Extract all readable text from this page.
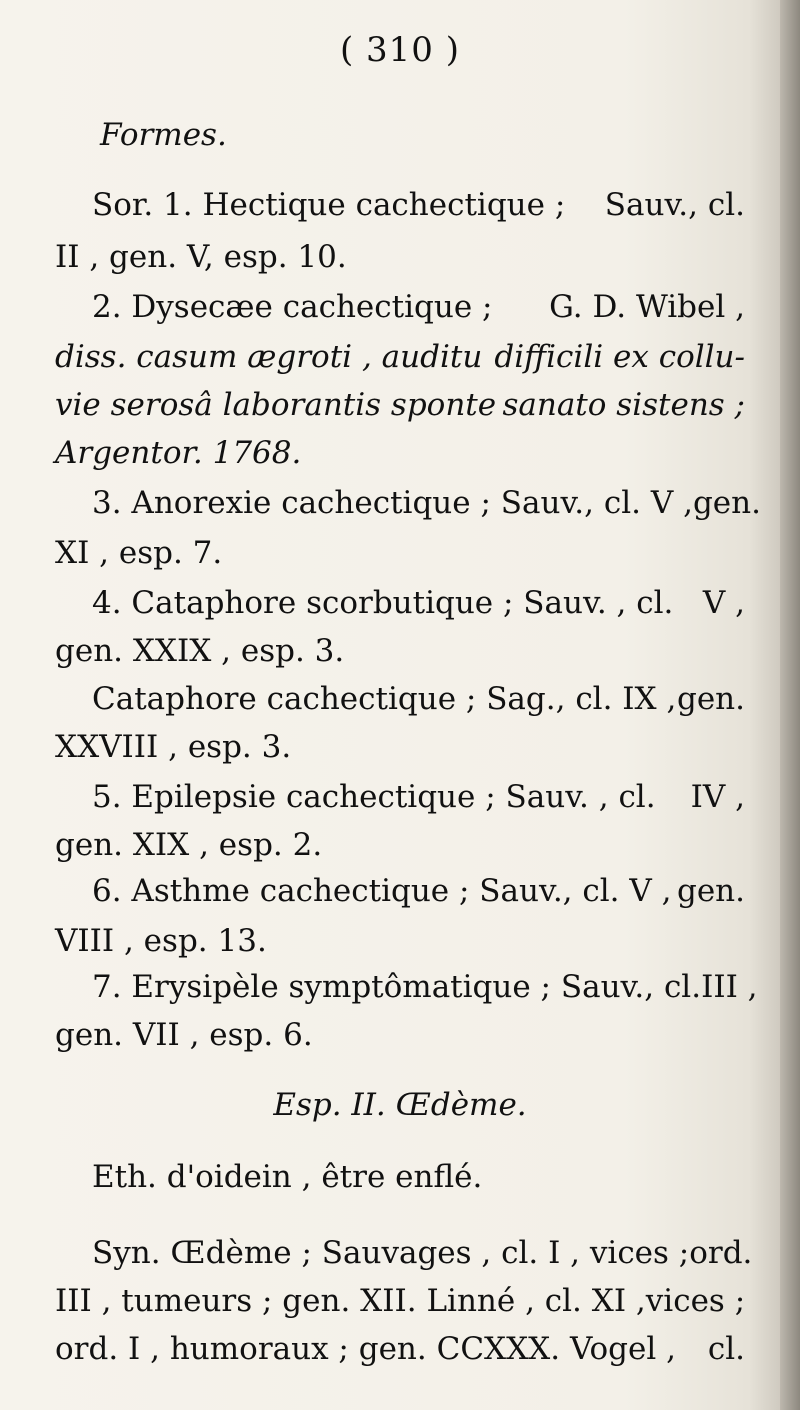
( 310 )
Formes.
Sor. 1. Hectique cachectique ; Sauv., cl.
II , gen. V, esp. 10.
2. Dysecæe cachectique ; G. D. Wibel ,
diss. casum ægroti , auditu difficili ex collu-
vie serosâ laborantis sponte sanato sistens ;
Argentor. 1768.
3. Anorexie cachectique ; Sauv., cl. V , gen.
XI , esp. 7.
4. Cataphore scorbutique ; Sauv. , cl. V ,
gen. XXIX , esp. 3.
Cataphore cachectique ; Sag., cl. IX , gen.
XXVIII , esp. 3.
5. Epilepsie cachectique ; Sauv. , cl. IV ,
gen. XIX , esp. 2.
6. Asthme cachectique ; Sauv., cl. V , gen.
VIII , esp. 13.
7. Erysipèle symptômatique ; Sauv., cl. III ,
gen. VII , esp. 6.
Esp. II. Œdème.
Eth. d'oidein , être enflé.
Syn. Œdème ; Sauvages , cl. I , vices ; ord.
III , tumeurs ; gen. XII. Linné , cl. XI , vices ;
ord. I , humoraux ; gen. CCXXX. Vogel , cl.
